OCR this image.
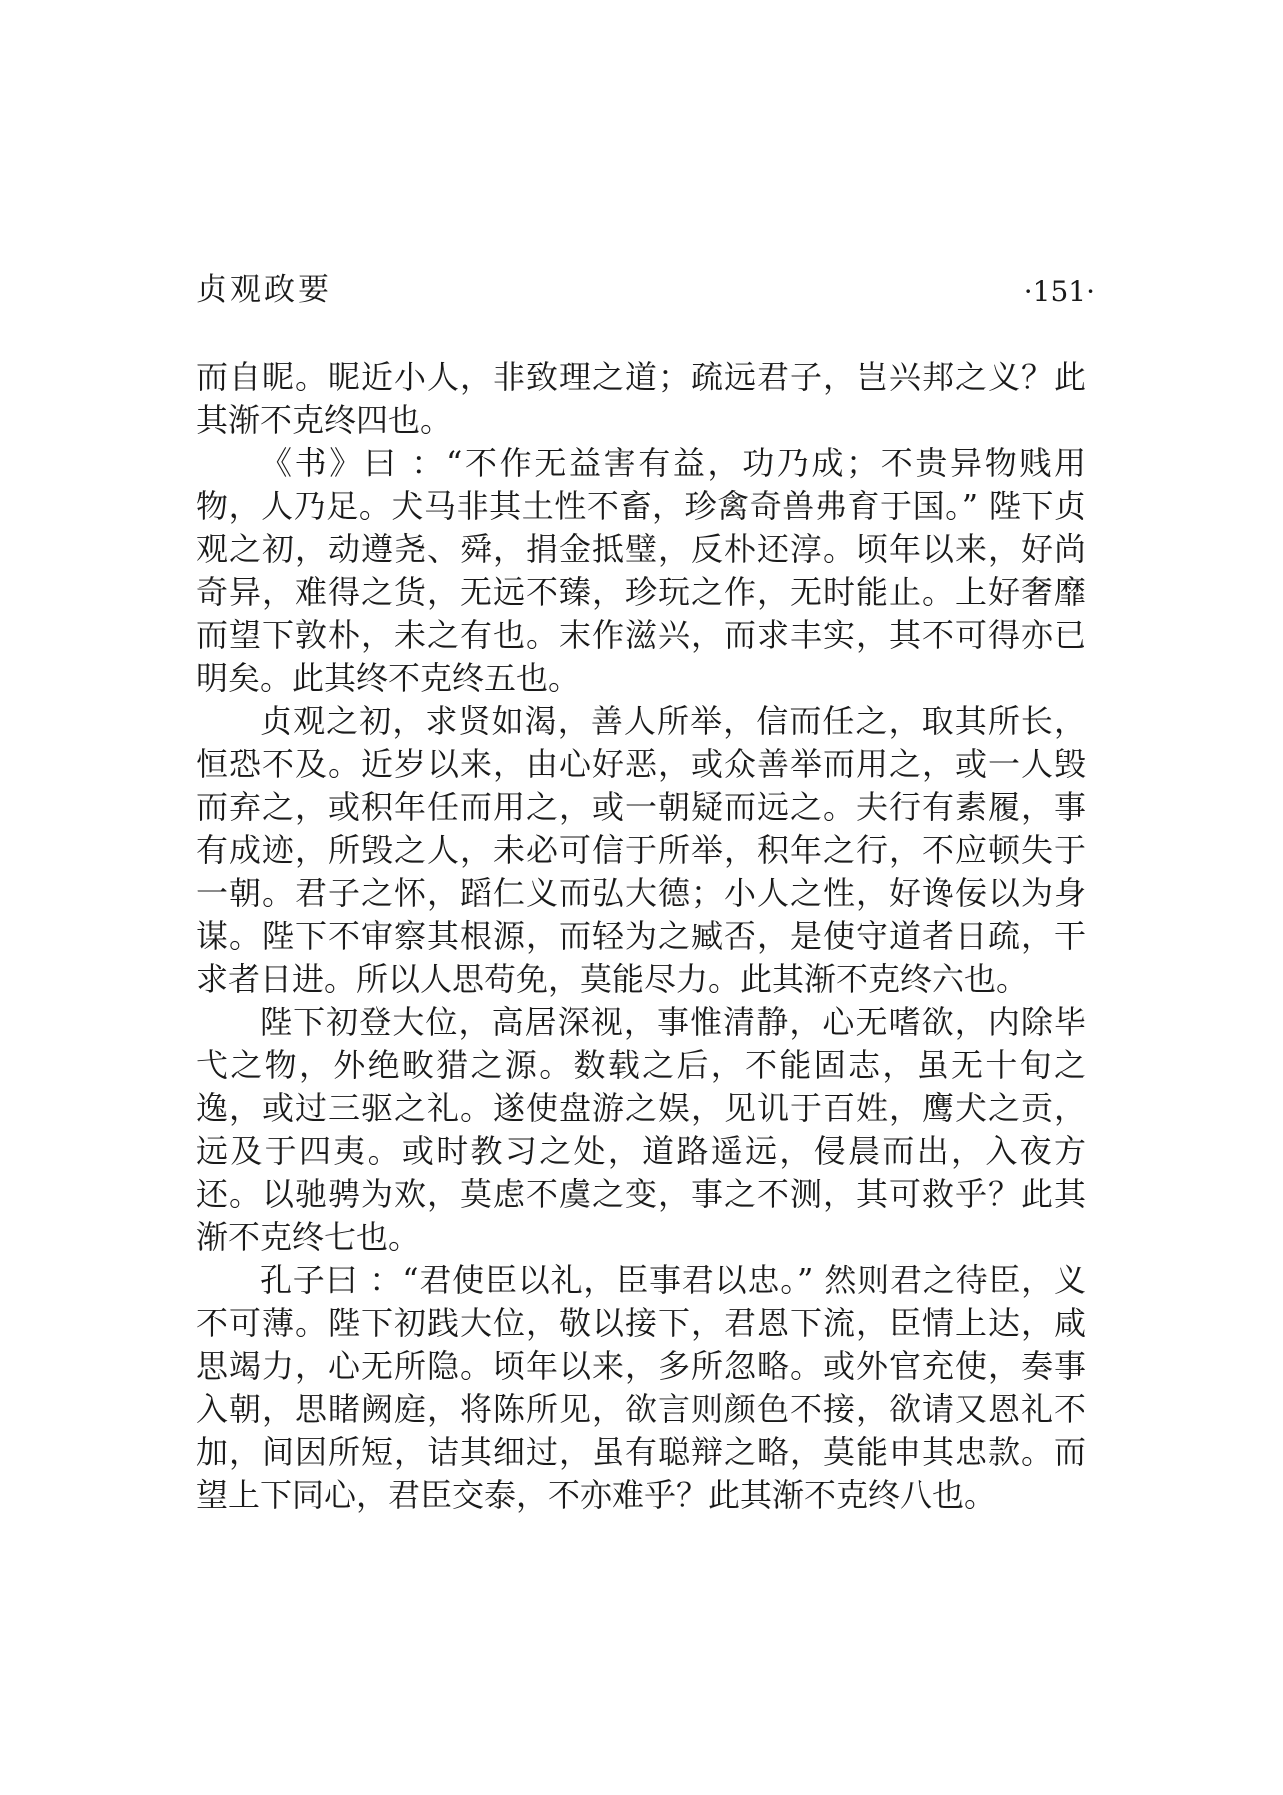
贞观政要	·151·

而自昵。昵近小人，非致理之道；疏远君子，岂兴邦之义？此其渐不克终四也。

《书》曰 ：“不作无益害有益，功乃成；不贵异物贱用物，人乃足。犬马非其土性不畜，珍禽奇兽弗育于国。” 陛下贞观之初，动遵尧、舜，捐金抵璧，反朴还淳。顷年以来，好尚奇异，难得之货，无远不臻，珍玩之作，无时能止。上好奢靡而望下敦朴，未之有也。末作滋兴，而求丰实，其不可得亦已明矣。此其终不克终五也。

贞观之初，求贤如渴，善人所举，信而任之，取其所长，恒恐不及。近岁以来，由心好恶，或众善举而用之，或一人毁而弃之，或积年任而用之，或一朝疑而远之。夫行有素履，事有成迹，所毁之人，未必可信于所举，积年之行，不应顿失于一朝。君子之怀，蹈仁义而弘大德；小人之性，好谗佞以为身谋。陛下不审察其根源，而轻为之臧否，是使守道者日疏，干求者日进。所以人思苟免，莫能尽力。此其渐不克终六也。

陛下初登大位，高居深视，事惟清静，心无嗜欲，内除毕弋之物，外绝畋猎之源。数载之后，不能固志，虽无十旬之逸，或过三驱之礼。遂使盘游之娱，见讥于百姓，鹰犬之贡，远及于四夷。或时教习之处，道路遥远，侵晨而出，入夜方还。以驰骋为欢，莫虑不虞之变，事之不测，其可救乎？此其渐不克终七也。

孔子曰 ：“君使臣以礼，臣事君以忠。” 然则君之待臣，义不可薄。陛下初践大位，敬以接下，君恩下流，臣情上达，咸思竭力，心无所隐。顷年以来，多所忽略。或外官充使，奏事入朝，思睹阙庭，将陈所见，欲言则颜色不接，欲请又恩礼不加，间因所短，诘其细过，虽有聪辩之略，莫能申其忠款。而望上下同心，君臣交泰，不亦难乎？此其渐不克终八也。
